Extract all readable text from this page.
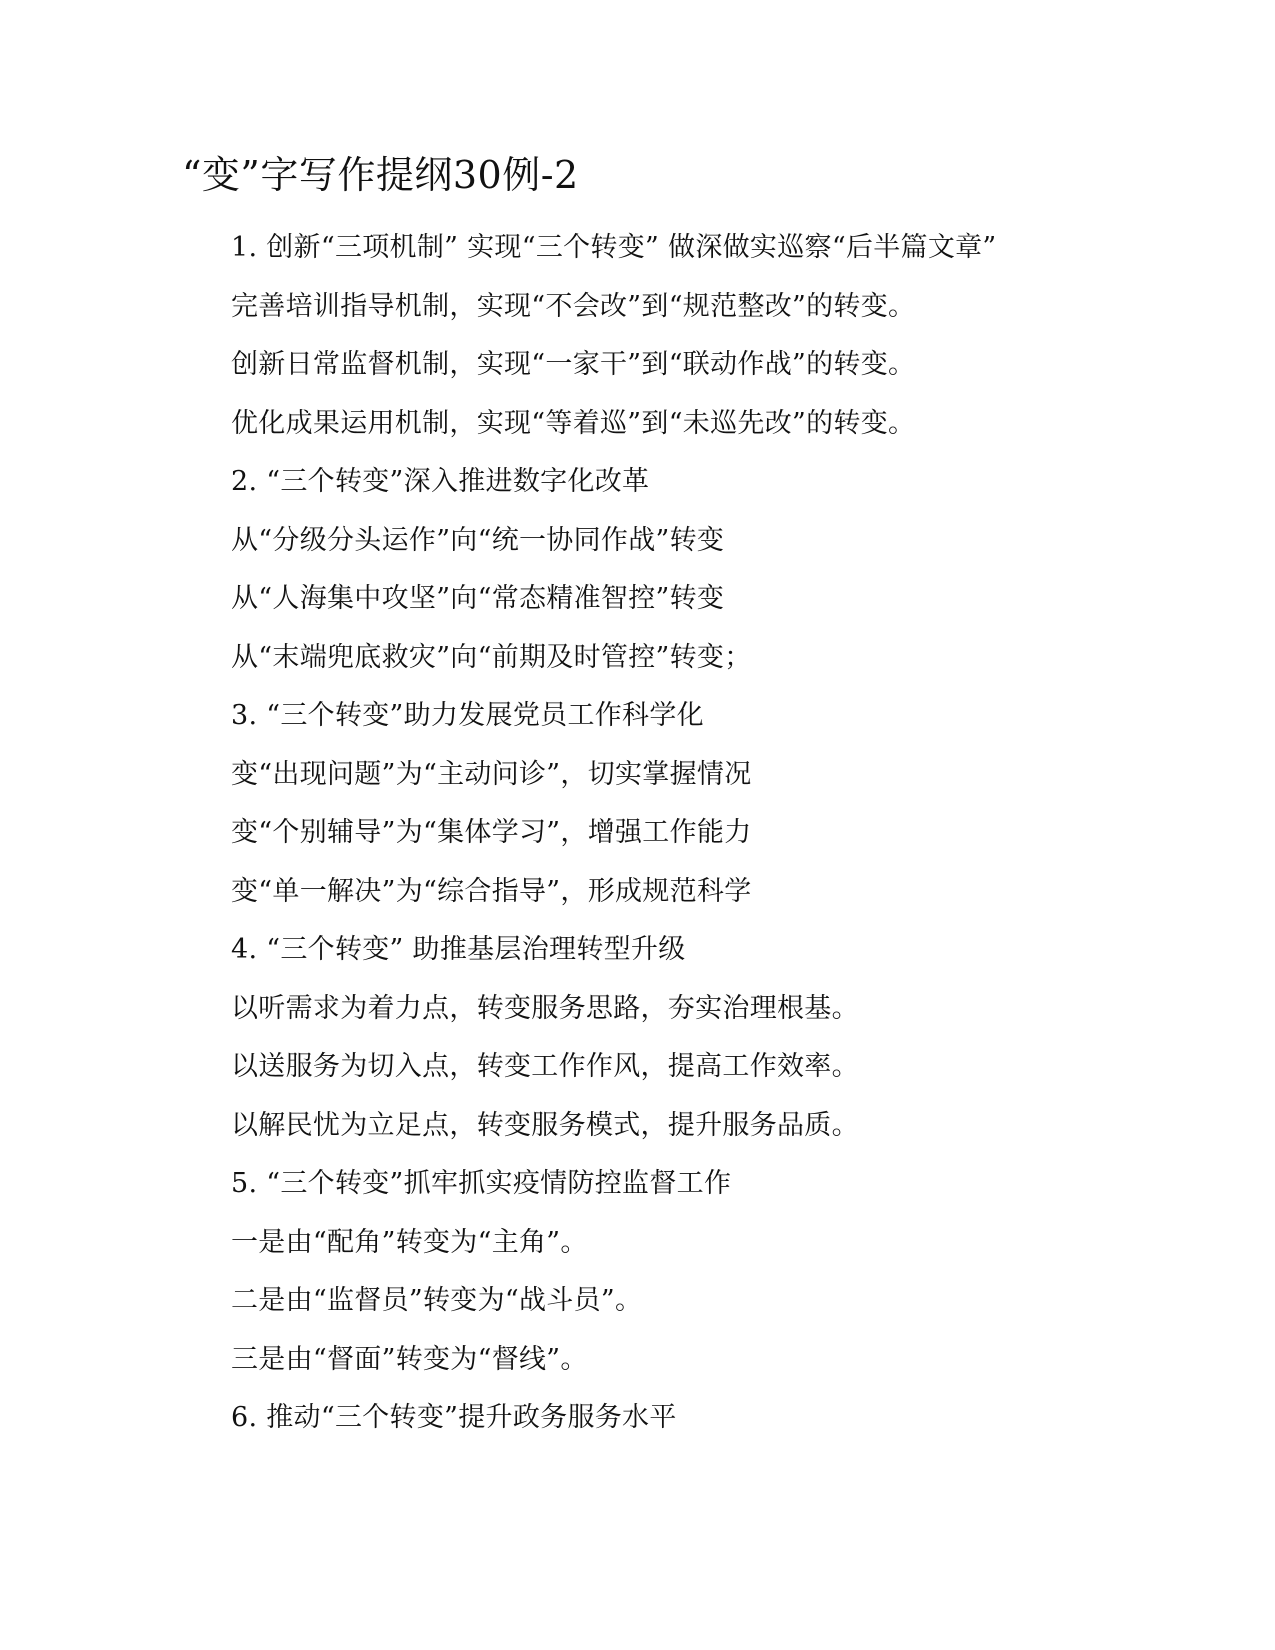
“变”字写作提纲30例-2
1. 创新“三项机制” 实现“三个转变” 做深做实巡察“后半篇文章”
完善培训指导机制，实现“不会改”到“规范整改”的转变。
创新日常监督机制，实现“一家干”到“联动作战”的转变。
优化成果运用机制，实现“等着巡”到“未巡先改”的转变。
2. “三个转变”深入推进数字化改革
从“分级分头运作”向“统一协同作战”转变
从“人海集中攻坚”向“常态精准智控”转变
从“末端兜底救灾”向“前期及时管控”转变；
3. “三个转变”助力发展党员工作科学化
变“出现问题”为“主动问诊”，切实掌握情况
变“个别辅导”为“集体学习”，增强工作能力
变“单一解决”为“综合指导”，形成规范科学
4. “三个转变” 助推基层治理转型升级
以听需求为着力点，转变服务思路，夯实治理根基。
以送服务为切入点，转变工作作风，提高工作效率。
以解民忧为立足点，转变服务模式，提升服务品质。
5. “三个转变”抓牢抓实疫情防控监督工作
一是由“配角”转变为“主角”。
二是由“监督员”转变为“战斗员”。
三是由“督面”转变为“督线”。
6. 推动“三个转变”提升政务服务水平
